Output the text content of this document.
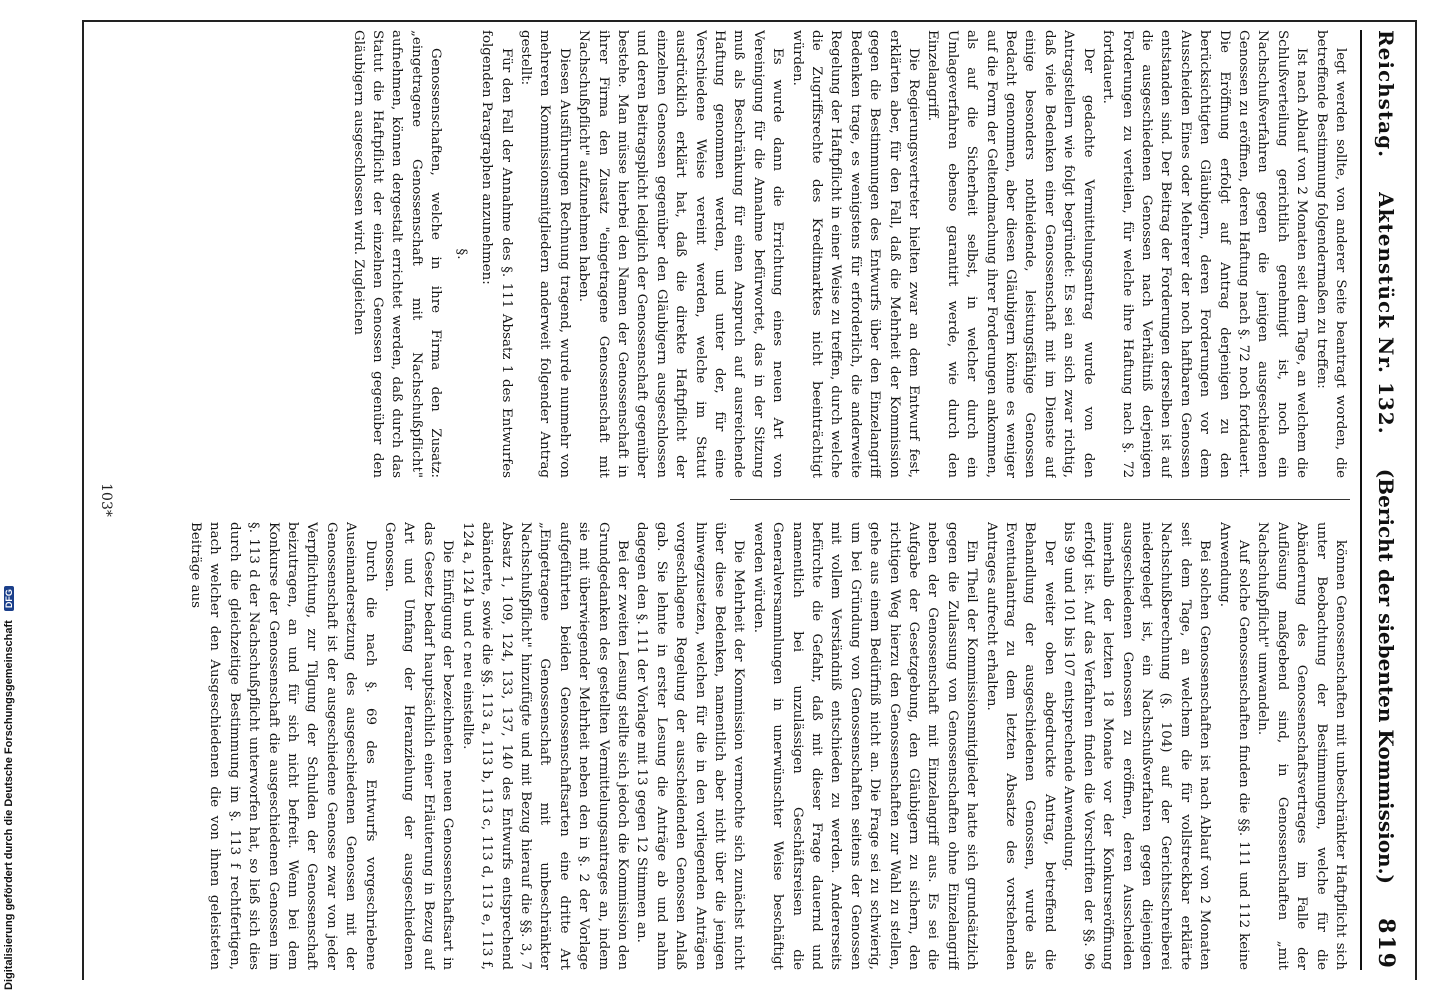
Digitalisierung gefördert durch die Deutsche Forschungsgemeinschaft DFG
Reichstag.
Aktenstück Nr. 132.
(Bericht der siebenten Kommission.)
819

legt werden sollte, von anderer Seite beantragt worden, die betreffende Bestimmung folgendermaßen zu treffen:

Ist nach Ablauf von 2 Monaten seit dem Tage, an welchem die Schlußverteilung gerichtlich genehmigt ist, noch ein Nachschußverfahren gegen die jenigen ausgeschiedenen Genossen zu eröffnen, deren Haftung nach §. 72 noch fortdauert. Die Eröffnung erfolgt auf Antrag derjenigen zu den berücksichtigten Gläubigern, deren Forderungen vor dem Ausscheiden Eines oder Mehrerer der noch haftbaren Genossen entstanden sind. Der Beitrag der Forderungen derselben ist auf die ausgeschiedenen Genossen nach Verhältniß derjenigen Forderungen zu verteilen, für welche ihre Haftung nach §. 72 fortdauert.

Der gedachte Vermittelungsantrag wurde von den Antragstellern wie folgt begründet: Es sei an sich zwar richtig, daß viele Bedenken einer Genossenschaft mit im Dienste auf einige besonders nothleidende, leistungsfähige Genossen Bedacht genommen, aber diesen Gläubigern könne es weniger auf die Form der Geltendmachung ihrer Forderungen ankommen, als auf die Sicherheit selbst, in welcher durch ein Umlageverfahren ebenso garantirt werde, wie durch den Einzelangriff.

Die Regierungsvertreter hielten zwar an dem Entwurf fest, erklärten aber, für den Fall, daß die Mehrheit der Kommission gegen die Bestimmungen des Entwurfs über den Einzelangriff Bedenken trage, es wenigstens für erforderlich, die anderweite Regelung der Haftpflicht in einer Weise zu treffen, durch welche die Zugriffsrechte des Kreditmarktes nicht beeinträchtigt würden.

Es wurde dann die Errichtung eines neuen Art von Vereinigung für die Annahme befürwortet, das in der Sitzung muß als Beschränkung für einen Anspruch auf ausreichende Haftung genommen werden, und unter der, für eine Verschiedene Weise vereint werden, welche im Statut ausdrücklich erklärt hat, daß die direkte Haftpflicht der einzelnen Genossen gegenüber den Gläubigern ausgeschlossen und deren Beitragsplicht lediglich der Genossenschaft gegenüber bestehe. Man müsse hierbei den Namen der Genossenschaft in ihrer Firma den Zusatz "eingetragene Genossenschaft mit Nachschußpflicht" aufzunehmen haben.

Diesen Ausführungen Rechnung tragend, wurde nunmehr von mehreren Kommissionsmitgliedern anderweit folgender Antrag gestellt:

Für den Fall der Annahme des §. 111 Absatz 1 des Entwurfes folgenden Paragraphen anzunehmen:

§.

Genossenschaften, welche in ihre Firma den Zusatz: „eingetragene Genossenschaft mit Nachschußpflicht" aufnehmen, können dergestalt errichtet werden, daß durch das Statut die Haftpflicht der einzelnen Genossen gegenüber den Gläubigern ausgeschlossen wird. Zugleichen

können Genossenschaften mit unbeschränkter Haftpflicht sich unter Beobachtung der Bestimmungen, welche für die Abänderung des Genossenschaftsvertrages im Falle der Auflösung maßgebend sind, in Genossenschaften „mit Nachschußpflicht" umwandeln.

Auf solche Genossenschaften finden die §§. 111 und 112 keine Anwendung.

Bei solchen Genossenschaften ist nach Ablauf von 2 Monaten seit dem Tage, an welchem die für vollstreckbar erklärte Nachschußberechnung (§. 104) auf der Gerichtsschreiberei niedergelegt ist, ein Nachschußverfahren gegen diejenigen ausgeschiedenen Genossen zu eröffnen, deren Ausscheiden innerhalb der letzten 18 Monate vor der Konkurseröffnung erfolgt ist. Auf das Verfahren finden die Vorschriften der §§. 96 bis 99 und 101 bis 107 entsprechende Anwendung.

Der weiter oben abgedruckte Antrag, betreffend die Behandlung der ausgeschiedenen Genossen, wurde als Eventualantrag zu dem letzten Absatze des vorstehenden Antrages aufrecht erhalten.

Ein Theil der Kommissionsmitglieder hatte sich grundsätzlich gegen die Zulassung von Genossenschaften ohne Einzelangriff neben der Genossenschaft mit Einzelangriff aus. Es sei die Aufgabe der Gesetzgebung, den Gläubigern zu sichern, den richtigen Weg hierzu den Genossenschaften zur Wahl zu stellen, gehe aus einem Bedürfniß nicht an. Die Frage sei zu schwierig, um bei Gründung von Genossenschaften seitens der Genossen mit vollem Verständniß entschieden zu werden. Andererseits befürchte die Gefahr, daß mit dieser Frage dauernd und namentlich bei unzulässigen Geschäftsreisen die Generalversammlungen in unerwünschter Weise beschäftigt werden würden.

Die Mehrheit der Kommission vermochte sich zunächst nicht über diese Bedenken, namentlich aber nicht über die jenigen hinwegzusetzen, welchen für die in den vorliegenden Anträgen vorgeschlagene Regelung der ausscheidenden Genossen Anlaß gab. Sie lehnte in erster Lesung die Anträge ab und nahm dagegen den §. 111 der Vorlage mit 13 gegen 12 Stimmen an.

Bei der zweiten Lesung stellte sich jedoch die Kommission den Grundgedanken des gestellten Vermittelungsantrages an, indem sie mit überwiegender Mehrheit neben den in §. 2 der Vorlage aufgeführten beiden Genossenschaftsarten eine dritte Art „Eingetragene Genossenschaft mit unbeschränkter Nachschußpflicht" hinzufügte und mit Bezug hierauf die §§. 3, 7 Absatz 1, 109, 124, 133, 137, 140 des Entwurfs entsprechend abänderte, sowie die §§. 113 a, 113 b, 113 c, 113 d, 113 e, 113 f, 124 a, 124 b und c neu einstellte.

Die Einfügung der bezeichneten neuen Genossenschaftsart in das Gesetz bedarf hauptsächlich einer Erläuterung in Bezug auf Art und Umfang der Heranziehung der ausgeschiedenen Genossen.

Durch die nach §. 69 des Entwurfs vorgeschriebene Auseinandersetzung des ausgeschiedenen Genossen mit der Genossenschaft ist der ausgeschiedene Genosse zwar von jeder Verpflichtung, zur Tilgung der Schulden der Genossenschaft beizutragen, an und für sich nicht befreit. Wenn bei dem Konkurse der Genossenschaft die ausgeschiedenen Genossen im §. 113 d der Nachschußpflicht unterworfen hat, so ließ sich dies durch die gleichzeitige Bestimmung im §. 113 f rechtfertigen, nach welcher den Ausgeschiedenen die von ihnen geleisteten Beiträge aus

103*
